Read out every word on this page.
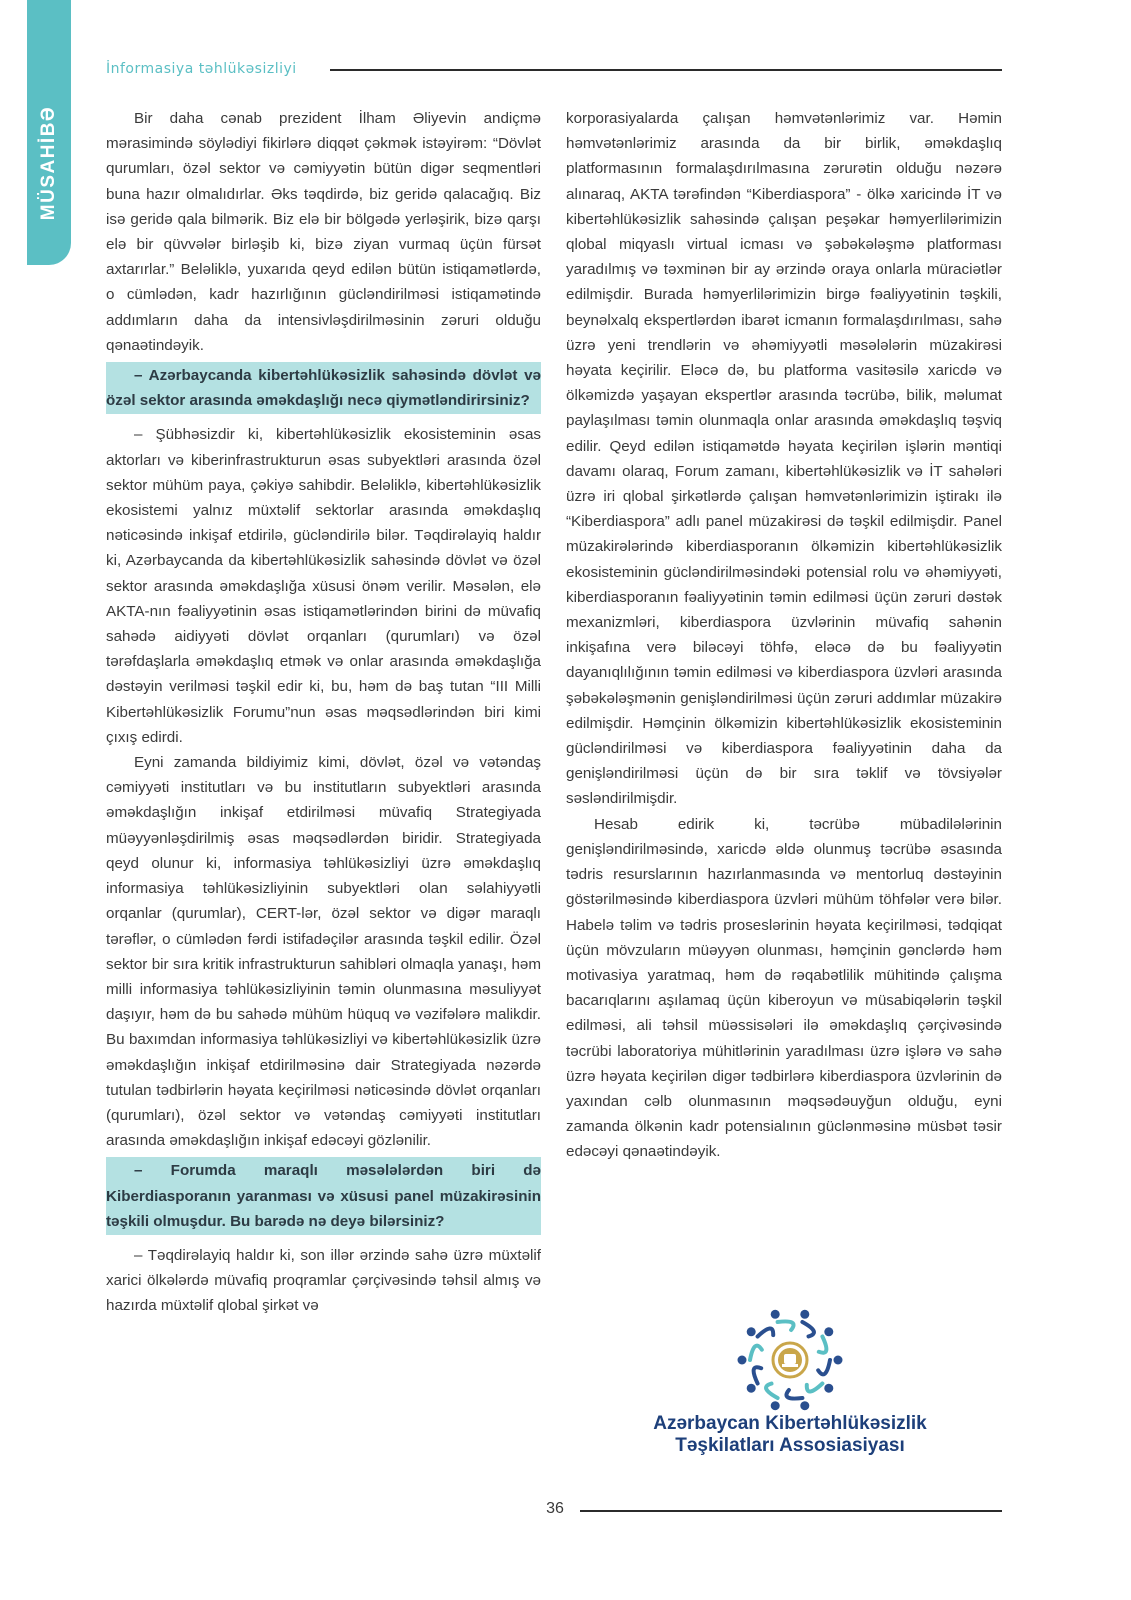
MÜSAHİBƏ
İnformasiya təhlükəsizliyi

Bir daha cənab prezident İlham Əliyevin andiçmə mərasimində söylədiyi fikirlərə diqqət çəkmək istəyirəm: “Dövlət qurumları, özəl sektor və cəmiyyətin bütün digər seqmentləri buna hazır olmalıdırlar. Əks təqdirdə, biz geridə qalacağıq. Biz isə geridə qala bilmərik. Biz elə bir bölgədə yerləşirik, bizə qarşı elə bir qüvvələr birləşib ki, bizə ziyan vurmaq üçün fürsət axtarırlar.” Beləliklə, yuxarıda qeyd edilən bütün istiqamətlərdə, o cümlədən, kadr hazırlığının gücləndirilməsi istiqamətində addımların daha da intensivləşdirilməsinin zəruri olduğu qənaətindəyik.

– Azərbaycanda kibertəhlükəsizlik sahəsində dövlət və özəl sektor arasında əməkdaşlığı necə qiymətləndirirsiniz?

– Şübhəsizdir ki, kibertəhlükəsizlik ekosisteminin əsas aktorları və kiberinfrastrukturun əsas subyektləri arasında özəl sektor mühüm paya, çəkiyə sahibdir. Beləliklə, kibertəhlükəsizlik ekosistemi yalnız müxtəlif sektorlar arasında əməkdaşlıq nəticəsində inkişaf etdirilə, gücləndirilə bilər. Təqdirəlayiq haldır ki, Azərbaycanda da kibertəhlükəsizlik sahəsində dövlət və özəl sektor arasında əməkdaşlığa xüsusi önəm verilir. Məsələn, elə AKTA-nın fəaliyyətinin əsas istiqamətlərindən birini də müvafiq sahədə aidiyyəti dövlət orqanları (qurumları) və özəl tərəfdaşlarla əməkdaşlıq etmək və onlar arasında əməkdaşlığa dəstəyin verilməsi təşkil edir ki, bu, həm də baş tutan “III Milli Kibertəhlükəsizlik Forumu”nun əsas məqsədlərindən biri kimi çıxış edirdi.

Eyni zamanda bildiyimiz kimi, dövlət, özəl və vətəndaş cəmiyyəti institutları və bu institutların subyektləri arasında əməkdaşlığın inkişaf etdirilməsi müvafiq Strategiyada müəyyənləşdirilmiş əsas məqsədlərdən biridir. Strategiyada qeyd olunur ki, informasiya təhlükəsizliyi üzrə əməkdaşlıq informasiya təhlükəsizliyinin subyektləri olan səlahiyyətli orqanlar (qurumlar), CERT-lər, özəl sektor və digər maraqlı tərəflər, o cümlədən fərdi istifadəçilər arasında təşkil edilir. Özəl sektor bir sıra kritik infrastrukturun sahibləri olmaqla yanaşı, həm milli informasiya təhlükəsizliyinin təmin olunmasına məsuliyyət daşıyır, həm də bu sahədə mühüm hüquq və vəzifələrə malikdir. Bu baxımdan informasiya təhlükəsizliyi və kibertəhlükəsizlik üzrə əməkdaşlığın inkişaf etdirilməsinə dair Strategiyada nəzərdə tutulan tədbirlərin həyata keçirilməsi nəticəsində dövlət orqanları (qurumları), özəl sektor və vətəndaş cəmiyyəti institutları arasında əməkdaşlığın inkişaf edəcəyi gözlənilir.

– Forumda maraqlı məsələlərdən biri də Kiberdiasporanın yaranması və xüsusi panel müzakirəsinin təşkili olmuşdur. Bu barədə nə deyə bilərsiniz?

– Təqdirəlayiq haldır ki, son illər ərzində sahə üzrə müxtəlif xarici ölkələrdə müvafiq proqramlar çərçivəsində təhsil almış və hazırda müxtəlif qlobal şirkət və

korporasiyalarda çalışan həmvətənlərimiz var. Həmin həmvətənlərimiz arasında da bir birlik, əməkdaşlıq platformasının formalaşdırılmasına zərurətin olduğu nəzərə alınaraq, AKTA tərəfindən “Kiberdiaspora” - ölkə xaricində İT və kibertəhlükəsizlik sahəsində çalışan peşəkar həmyerlilərimizin qlobal miqyaslı virtual icması və şəbəkələşmə platforması yaradılmış və təxminən bir ay ərzində oraya onlarla müraciətlər edilmişdir. Burada həmyerlilərimizin birgə fəaliyyətinin təşkili, beynəlxalq ekspertlərdən ibarət icmanın formalaşdırılması, sahə üzrə yeni trendlərin və əhəmiyyətli məsələlərin müzakirəsi həyata keçirilir. Eləcə də, bu platforma vasitəsilə xaricdə və ölkəmizdə yaşayan ekspertlər arasında təcrübə, bilik, məlumat paylaşılması təmin olunmaqla onlar arasında əməkdaşlıq təşviq edilir. Qeyd edilən istiqamətdə həyata keçirilən işlərin məntiqi davamı olaraq, Forum zamanı, kibertəhlükəsizlik və İT sahələri üzrə iri qlobal şirkətlərdə çalışan həmvətənlərimizin iştirakı ilə “Kiberdiaspora” adlı panel müzakirəsi də təşkil edilmişdir. Panel müzakirələrində kiberdiasporanın ölkəmizin kibertəhlükəsizlik ekosisteminin gücləndirilməsindəki potensial rolu və əhəmiyyəti, kiberdiasporanın fəaliyyətinin təmin edilməsi üçün zəruri dəstək mexanizmləri, kiberdiaspora üzvlərinin müvafiq sahənin inkişafına verə biləcəyi töhfə, eləcə də bu fəaliyyətin dayanıqlılığının təmin edilməsi və kiberdiaspora üzvləri arasında şəbəkələşmənin genişləndirilməsi üçün zəruri addımlar müzakirə edilmişdir. Həmçinin ölkəmizin kibertəhlükəsizlik ekosisteminin gücləndirilməsi və kiberdiaspora fəaliyyətinin daha da genişləndirilməsi üçün də bir sıra təklif və tövsiyələr səsləndirilmişdir.

Hesab edirik ki, təcrübə mübadilələrinin genişləndirilməsində, xaricdə əldə olunmuş təcrübə əsasında tədris resurslarının hazırlanmasında və mentorluq dəstəyinin göstərilməsində kiberdiaspora üzvləri mühüm töhfələr verə bilər. Habelə təlim və tədris proseslərinin həyata keçirilməsi, tədqiqat üçün mövzuların müəyyən olunması, həmçinin gənclərdə həm motivasiya yaratmaq, həm də rəqabətlilik mühitində çalışma bacarıqlarını aşılamaq üçün kiberoyun və müsabiqələrin təşkil edilməsi, ali təhsil müəssisələri ilə əməkdaşlıq çərçivəsində təcrübi laboratoriya mühitlərinin yaradılması üzrə işlərə və sahə üzrə həyata keçirilən digər tədbirlərə kiberdiaspora üzvlərinin də yaxından cəlb olunmasının məqsədəuyğun olduğu, eyni zamanda ölkənin kadr potensialının güclənməsinə müsbət təsir edəcəyi qənaətindəyik.

Azərbaycan Kibertəhlükəsizlik
Təşkilatları Assosiasiyası
36
